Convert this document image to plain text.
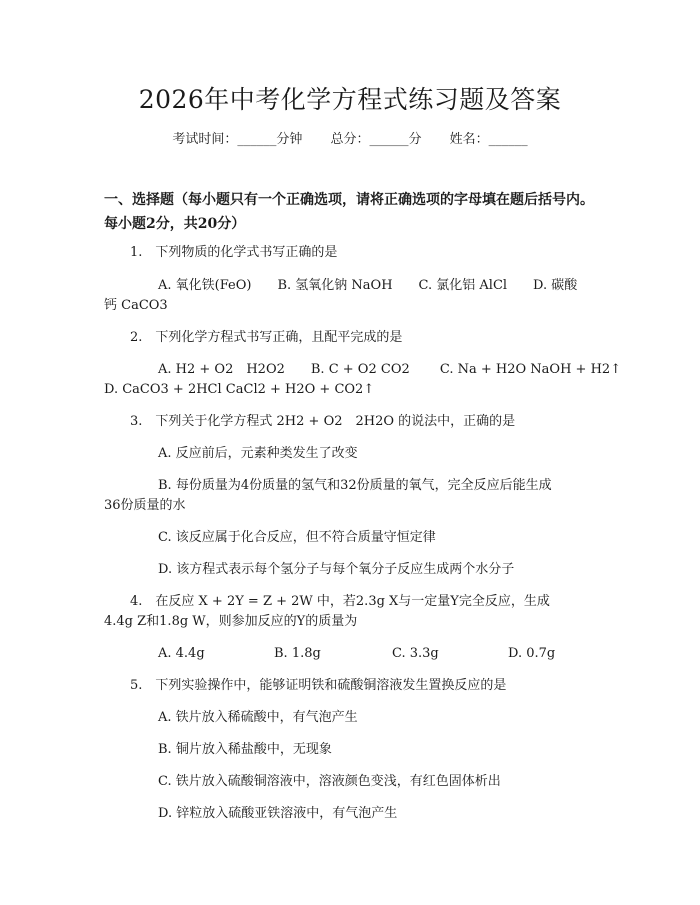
2026年中考化学方程式练习题及答案
考试时间：______分钟 总分：______分 姓名：______
一、选择题（每小题只有一个正确选项，请将正确选项的字母填在题后括号内。
每小题2分，共20分）
1.　下列物质的化学式书写正确的是
A. 氧化铁(FeO)　　B. 氢氧化钠 NaOH　　C. 氯化铝 AlCl　　D. 碳酸
钙 CaCO3
2.　下列化学方程式书写正确，且配平完成的是
A. H2 + O2　H2O2　　B. C + O2 CO2　　 C. Na + H2O NaOH + H2↑
D. CaCO3 + 2HCl CaCl2 + H2O + CO2↑
3.　下列关于化学方程式 2H2 + O2　2H2O 的说法中，正确的是
A. 反应前后，元素种类发生了改变
B. 每份质量为4份质量的氢气和32份质量的氧气，完全反应后能生成
36份质量的水
C. 该反应属于化合反应，但不符合质量守恒定律
D. 该方程式表示每个氢分子与每个氧分子反应生成两个水分子
4.　在反应 X + 2Y = Z + 2W 中，若2.3g X与一定量Y完全反应，生成
4.4g Z和1.8g W，则参加反应的Y的质量为
A. 4.4g	B. 1.8g	C. 3.3g	D. 0.7g
5.　下列实验操作中，能够证明铁和硫酸铜溶液发生置换反应的是
A. 铁片放入稀硫酸中，有气泡产生
B. 铜片放入稀盐酸中，无现象
C. 铁片放入硫酸铜溶液中，溶液颜色变浅，有红色固体析出
D. 锌粒放入硫酸亚铁溶液中，有气泡产生
